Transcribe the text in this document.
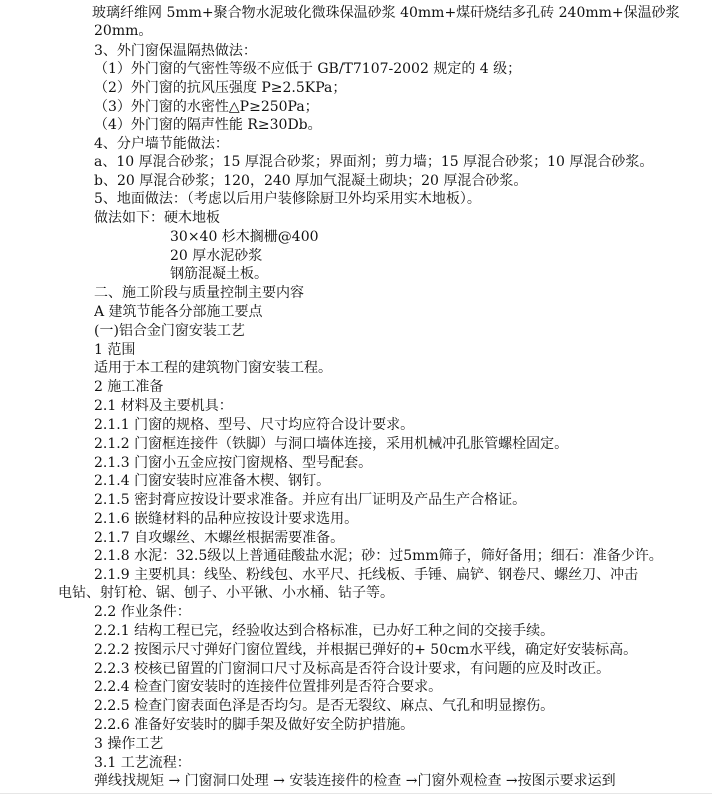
玻璃纤维网 5mm+聚合物水泥玻化微珠保温砂浆 40mm+煤矸烧结多孔砖 240mm+保温砂浆
20mm。
3、外门窗保温隔热做法：
（1）外门窗的气密性等级不应低于 GB/T7107-2002 规定的 4 级；
（2）外门窗的抗风压强度 P≥2.5KPa；
（3）外门窗的水密性△P≥250Pa；
（4）外门窗的隔声性能 R≥30Db。
4、分户墙节能做法：
a、10 厚混合砂浆；15 厚混合砂浆；界面剂；剪力墙；15 厚混合砂浆；10 厚混合砂浆。
b、20 厚混合砂浆；120，240 厚加气混凝土砌块；20 厚混合砂浆。
5、地面做法：（考虑以后用户装修除厨卫外均采用实木地板）。
做法如下：硬木地板
30×40 杉木搁栅@400
20 厚水泥砂浆
钢筋混凝土板。
二、施工阶段与质量控制主要内容
A 建筑节能各分部施工要点
(一)铝合金门窗安装工艺
1 范围
适用于本工程的建筑物门窗安装工程。
2 施工准备
2.1 材料及主要机具：
2.1.1 门窗的规格、型号、尺寸均应符合设计要求。
2.1.2 门窗框连接件（铁脚）与洞口墙体连接，采用机械冲孔胀管螺栓固定。
2.1.3 门窗小五金应按门窗规格、型号配套。
2.1.4 门窗安装时应准备木楔、钢钉。
2.1.5 密封膏应按设计要求准备。并应有出厂证明及产品生产合格证。
2.1.6 嵌缝材料的品种应按设计要求选用。
2.1.7 自攻螺丝、木螺丝根据需要准备。
2.1.8 水泥：32.5级以上普通硅酸盐水泥；砂：过5mm筛子，筛好备用；细石：准备少许。
2.1.9 主要机具：线坠、粉线包、水平尺、托线板、手锤、扁铲、钢卷尺、螺丝刀、冲击
电钻、射钉枪、锯、刨子、小平锹、小水桶、钻子等。
2.2 作业条件：
2.2.1 结构工程已完，经验收达到合格标准，已办好工种之间的交接手续。
2.2.2 按图示尺寸弹好门窗位置线，并根据已弹好的+ 50cm水平线，确定好安装标高。
2.2.3 校核已留置的门窗洞口尺寸及标高是否符合设计要求，有问题的应及时改正。
2.2.4 检查门窗安装时的连接件位置排列是否符合要求。
2.2.5 检查门窗表面色泽是否均匀。是否无裂纹、麻点、气孔和明显擦伤。
2.2.6 准备好安装时的脚手架及做好安全防护措施。
3 操作工艺
3.1 工艺流程：
弹线找规矩 → 门窗洞口处理 → 安装连接件的检查 →门窗外观检查 →按图示要求运到
